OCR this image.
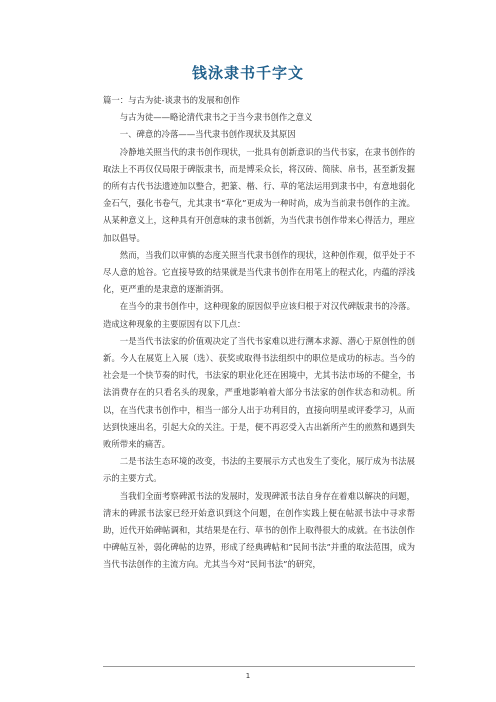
钱泳隶书千字文

篇一：与古为徒-谈隶书的发展和创作

与古为徒——略论清代隶书之于当今隶书创作之意义

一、碑意的冷落——当代隶书创作现状及其原因

冷静地关照当代的隶书创作现状，一批具有创新意识的当代书家，在隶书创作的取法上不再仅仅局限于碑版隶书，而是博采众长，将汉砖、简牍、帛书，甚至新发掘的所有古代书法遗迹加以整合，把篆、楷、行、草的笔法运用到隶书中，有意地弱化金石气，强化书卷气，尤其隶书“草化”更成为一种时尚，成为当前隶书创作的主流。从某种意义上，这种具有开创意味的隶书创新，为当代隶书创作带来心得活力，理应加以倡导。

然而，当我们以审慎的态度关照当代隶书创作的现状，这种创作观，似乎处于不尽人意的尬谷。它直接导致的结果就是当代隶书创作在用笔上的程式化，内蕴的浮浅化，更严重的是隶意的逐渐消弭。

在当今的隶书创作中，这种现象的原因似乎应该归根于对汉代碑版隶书的冷落。造成这种现象的主要原因有以下几点：

一是当代书法家的价值观决定了当代书家难以进行溯本求源、潜心于原创性的创新。今人在展览上入展（选）、获奖或取得书法组织中的职位是成功的标志。当今的社会是一个快节奏的时代，书法家的职业化还在困境中，尤其书法市场的不健全，书法消费存在的只看名头的现象，严重地影响着大部分书法家的创作状态和动机。所以，在当代隶书创作中，相当一部分人出于功利目的，直接向明星或评委学习，从而达到快速出名，引起大众的关注。于是，便不再忍受入古出新所产生的煎熬和遇到失败所带来的痛苦。

二是书法生态环境的改变，书法的主要展示方式也发生了变化，展厅成为书法展示的主要方式。

当我们全面考察碑派书法的发展时，发现碑派书法自身存在着难以解决的问题，清末的碑派书法家已经开始意识到这个问题，在创作实践上便在帖派书法中寻求帮助，近代开始碑帖调和，其结果是在行、草书的创作上取得很大的成就。在书法创作中碑帖互补，弱化碑帖的边界，形成了经典碑帖和“民间书法”并重的取法范围，成为当代书法创作的主流方向。尤其当今对“民间书法”的研究，

1
